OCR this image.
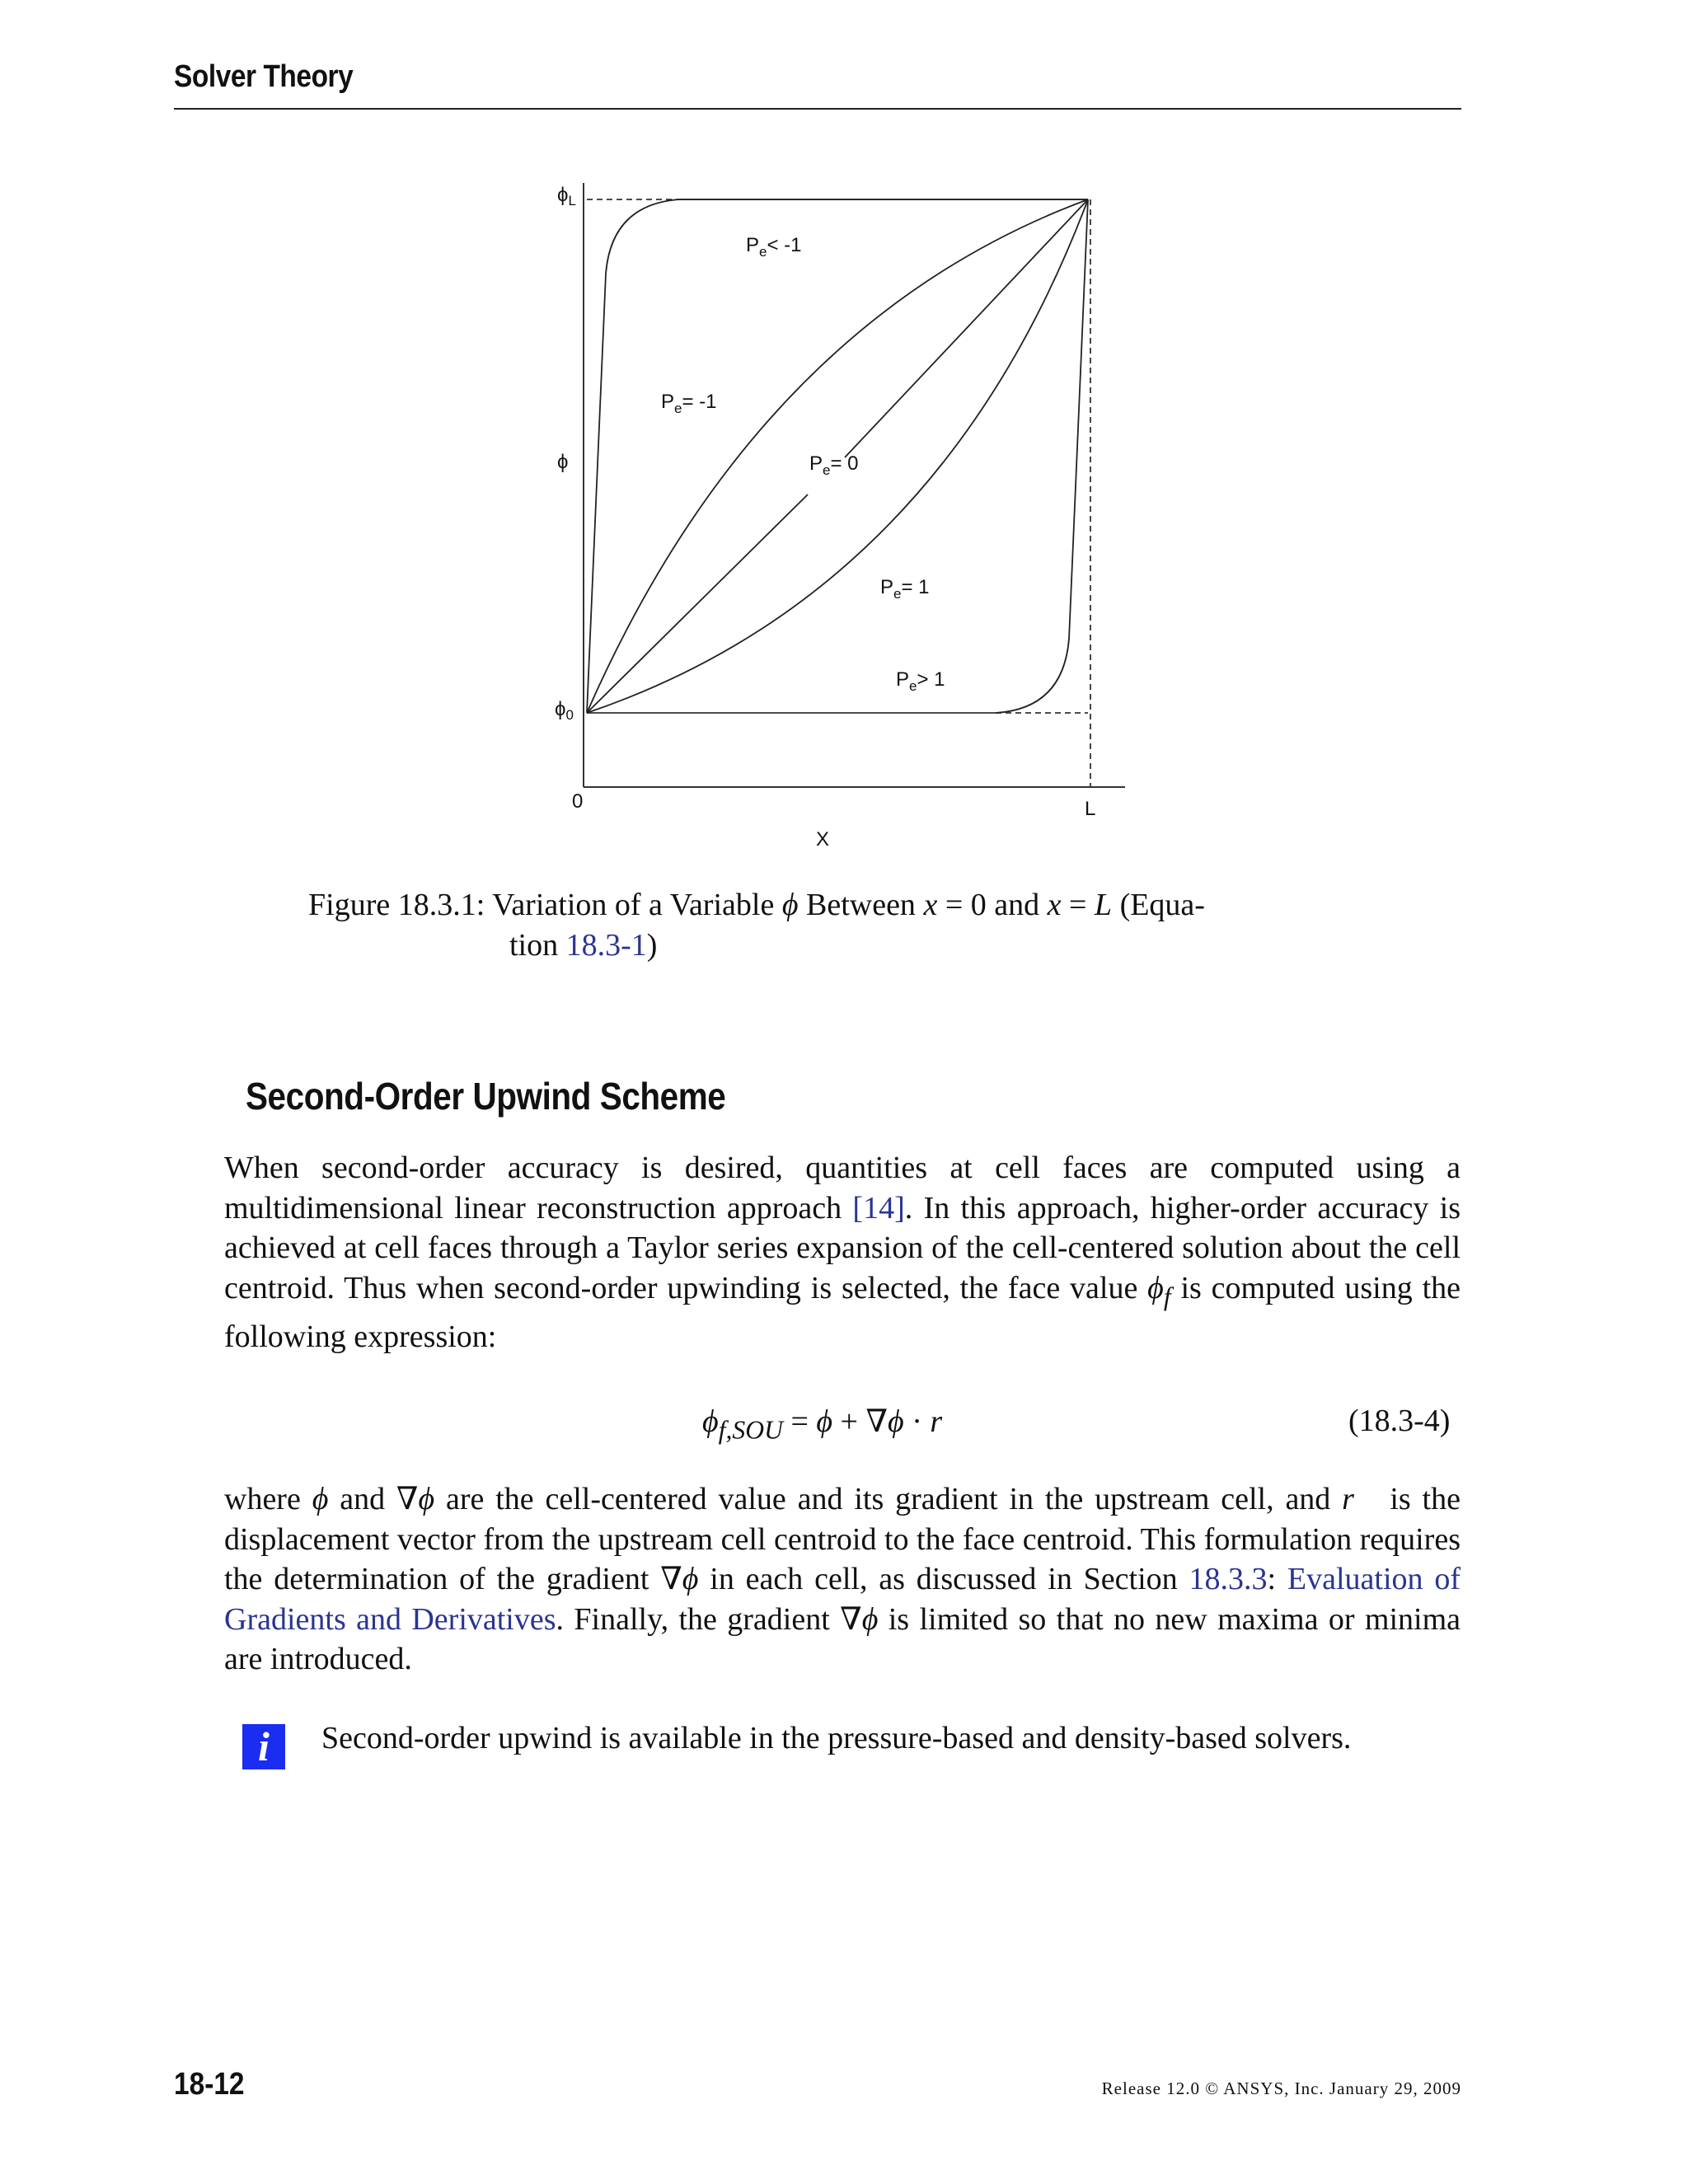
Solver Theory
$\phi_L$
ϕ
$\phi_0$
0	L
X
$P_e< -1$
$P_e= -1$
$P_e= 0$
$P_e= 1$
$P_e> 1$
Figure 18.3.1: Variation of a Variable ϕ Between x = 0 and x = L (Equa-
tion 18.3-1)
Second-Order Upwind Scheme
When second-order accuracy is desired, quantities at cell faces are computed using a multidimensional linear reconstruction approach [14]. In this approach, higher-order accuracy is achieved at cell faces through a Taylor series expansion of the cell-centered solution about the cell centroid. Thus when second-order upwinding is selected, the face value $\phi_f$ is computed using the following expression:
$\phi_{f,SOU} = \phi + \nabla\phi$ · r⃗	(18.3-4)
where ϕ and ∇ϕ are the cell-centered value and its gradient in the upstream cell, and r⃗ is the displacement vector from the upstream cell centroid to the face centroid. This formulation requires the determination of the gradient ∇ϕ in each cell, as discussed in Section 18.3.3: Evaluation of Gradients and Derivatives. Finally, the gradient ∇ϕ is limited so that no new maxima or minima are introduced.
i	Second-order upwind is available in the pressure-based and density-based solvers.
18-12	Release 12.0 © ANSYS, Inc. January 29, 2009
